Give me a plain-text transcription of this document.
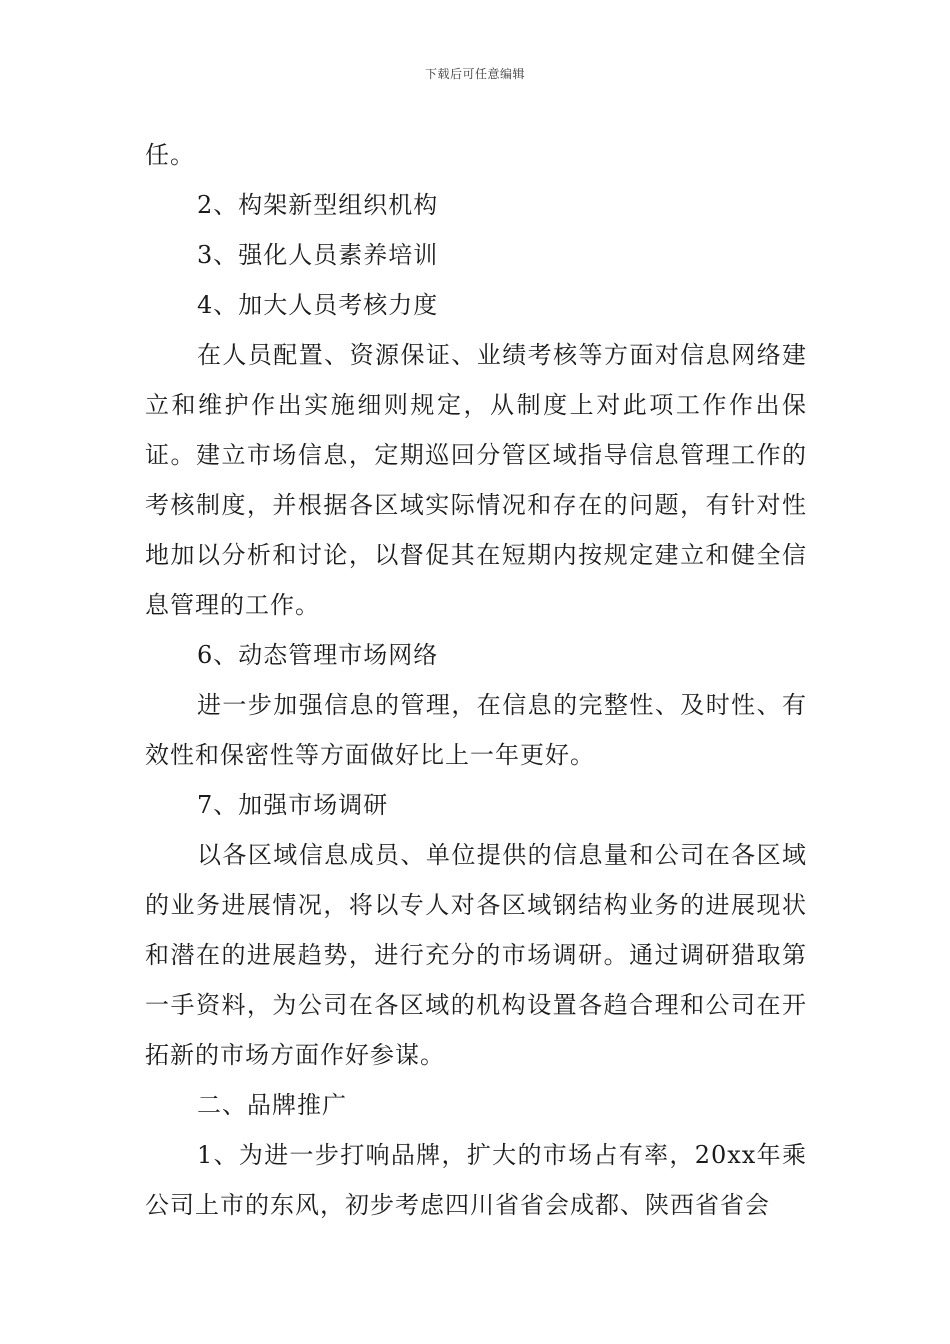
下载后可任意编辑

任。

2、构架新型组织机构

3、强化人员素养培训

4、加大人员考核力度

在人员配置、资源保证、业绩考核等方面对信息网络建立和维护作出实施细则规定，从制度上对此项工作作出保证。建立市场信息，定期巡回分管区域指导信息管理工作的考核制度，并根据各区域实际情况和存在的问题，有针对性地加以分析和讨论，以督促其在短期内按规定建立和健全信息管理的工作。

6、动态管理市场网络

进一步加强信息的管理，在信息的完整性、及时性、有效性和保密性等方面做好比上一年更好。

7、加强市场调研

以各区域信息成员、单位提供的信息量和公司在各区域的业务进展情况，将以专人对各区域钢结构业务的进展现状和潜在的进展趋势，进行充分的市场调研。通过调研猎取第一手资料，为公司在各区域的机构设置各趋合理和公司在开拓新的市场方面作好参谋。

二、品牌推广

1、为进一步打响品牌，扩大的市场占有率，20xx年乘公司上市的东风，初步考虑四川省省会成都、陕西省省会
